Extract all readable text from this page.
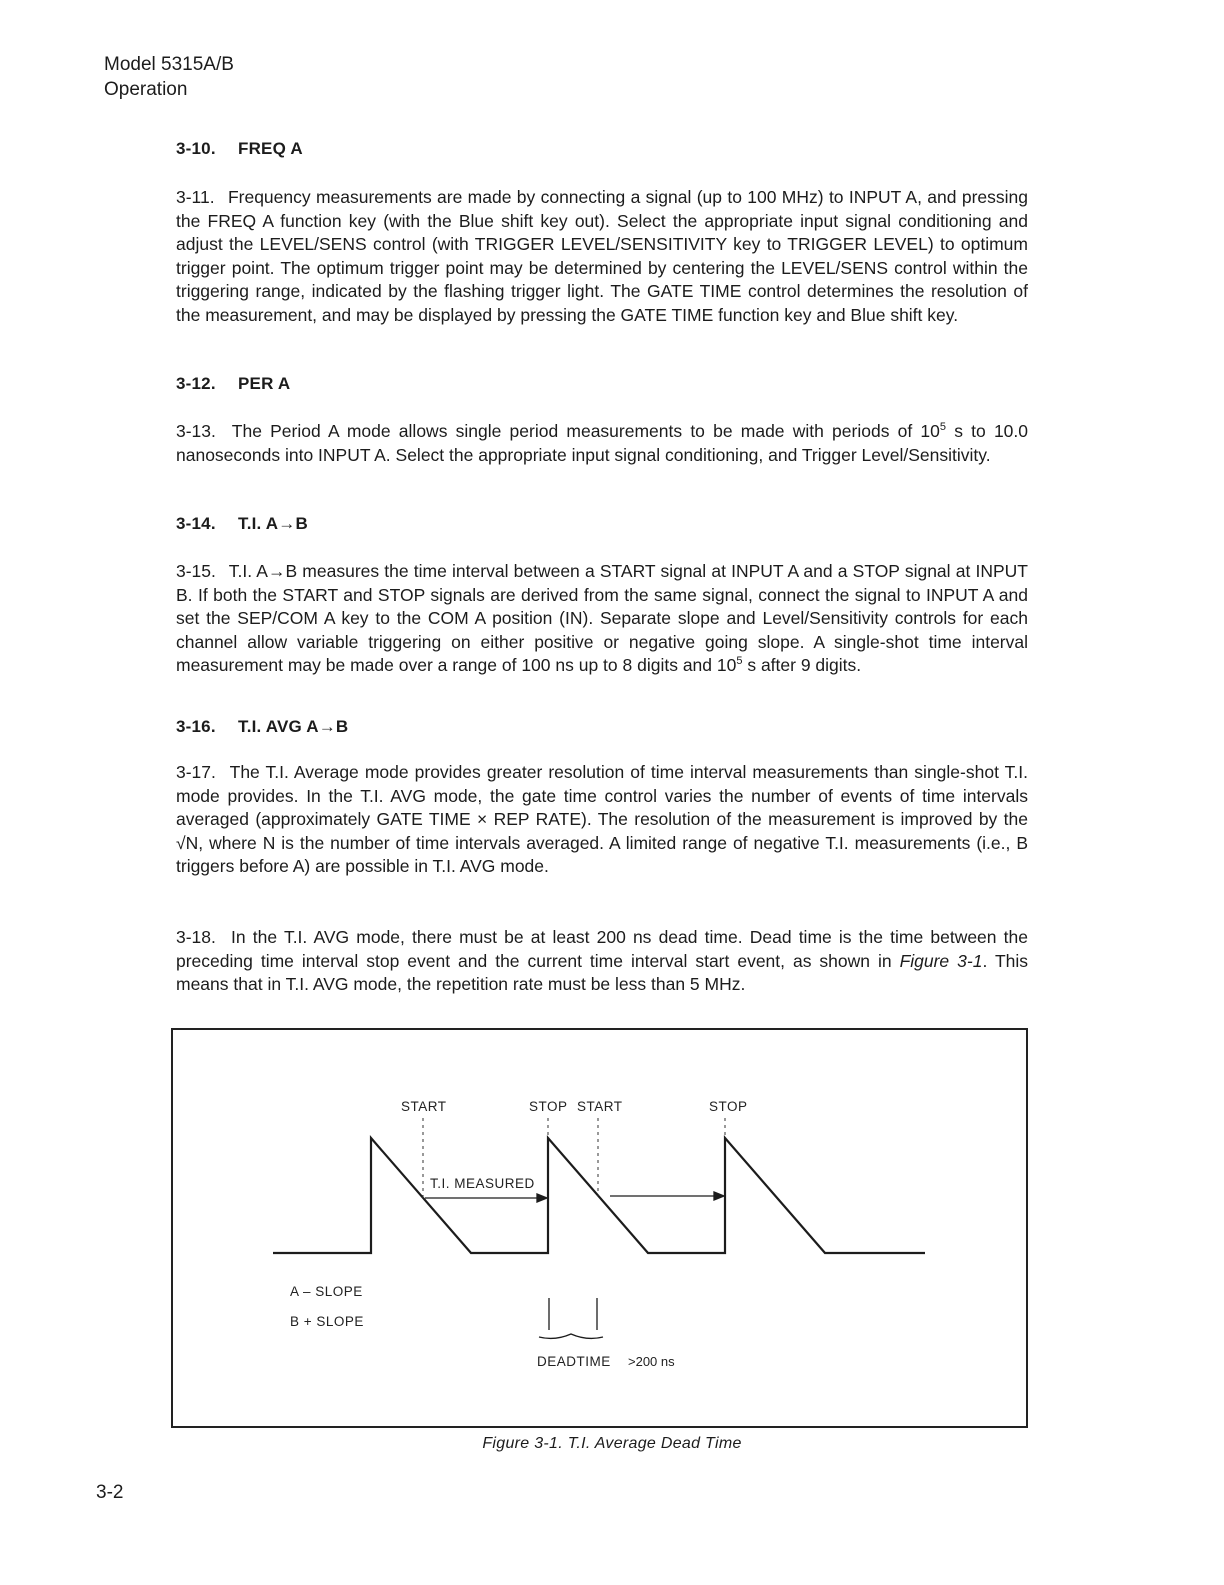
Model 5315A/B
Operation
3-10. FREQ A
3-11. Frequency measurements are made by connecting a signal (up to 100 MHz) to INPUT A, and pressing the FREQ A function key (with the Blue shift key out). Select the appropriate input signal conditioning and adjust the LEVEL/SENS control (with TRIGGER LEVEL/SENSITIVITY key to TRIGGER LEVEL) to optimum trigger point. The optimum trigger point may be determined by centering the LEVEL/SENS control within the triggering range, indicated by the flashing trigger light. The GATE TIME control determines the resolution of the measurement, and may be displayed by pressing the GATE TIME function key and Blue shift key.
3-12. PER A
3-13. The Period A mode allows single period measurements to be made with periods of $10^5$ s to 10.0 nanoseconds into INPUT A. Select the appropriate input signal conditioning, and Trigger Level/Sensitivity.
3-14. T.I. A→B
3-15. T.I. A→B measures the time interval between a START signal at INPUT A and a STOP signal at INPUT B. If both the START and STOP signals are derived from the same signal, connect the signal to INPUT A and set the SEP/COM A key to the COM A position (IN). Separate slope and Level/Sensitivity controls for each channel allow variable triggering on either positive or negative going slope. A single-shot time interval measurement may be made over a range of 100 ns up to 8 digits and $10^5$ s after 9 digits.
3-16. T.I. AVG A→B
3-17. The T.I. Average mode provides greater resolution of time interval measurements than single-shot T.I. mode provides. In the T.I. AVG mode, the gate time control varies the number of events of time intervals averaged (approximately GATE TIME × REP RATE). The resolution of the measurement is improved by the √N, where N is the number of time intervals averaged. A limited range of negative T.I. measurements (i.e., B triggers before A) are possible in T.I. AVG mode.
3-18. In the T.I. AVG mode, there must be at least 200 ns dead time. Dead time is the time between the preceding time interval stop event and the current time interval start event, as shown in Figure 3-1. This means that in T.I. AVG mode, the repetition rate must be less than 5 MHz.
START	STOP START	STOP
T.I. MEASURED
A – SLOPE
B + SLOPE
DEADTIME >200 ns
Figure 3-1. T.I. Average Dead Time
3-2
